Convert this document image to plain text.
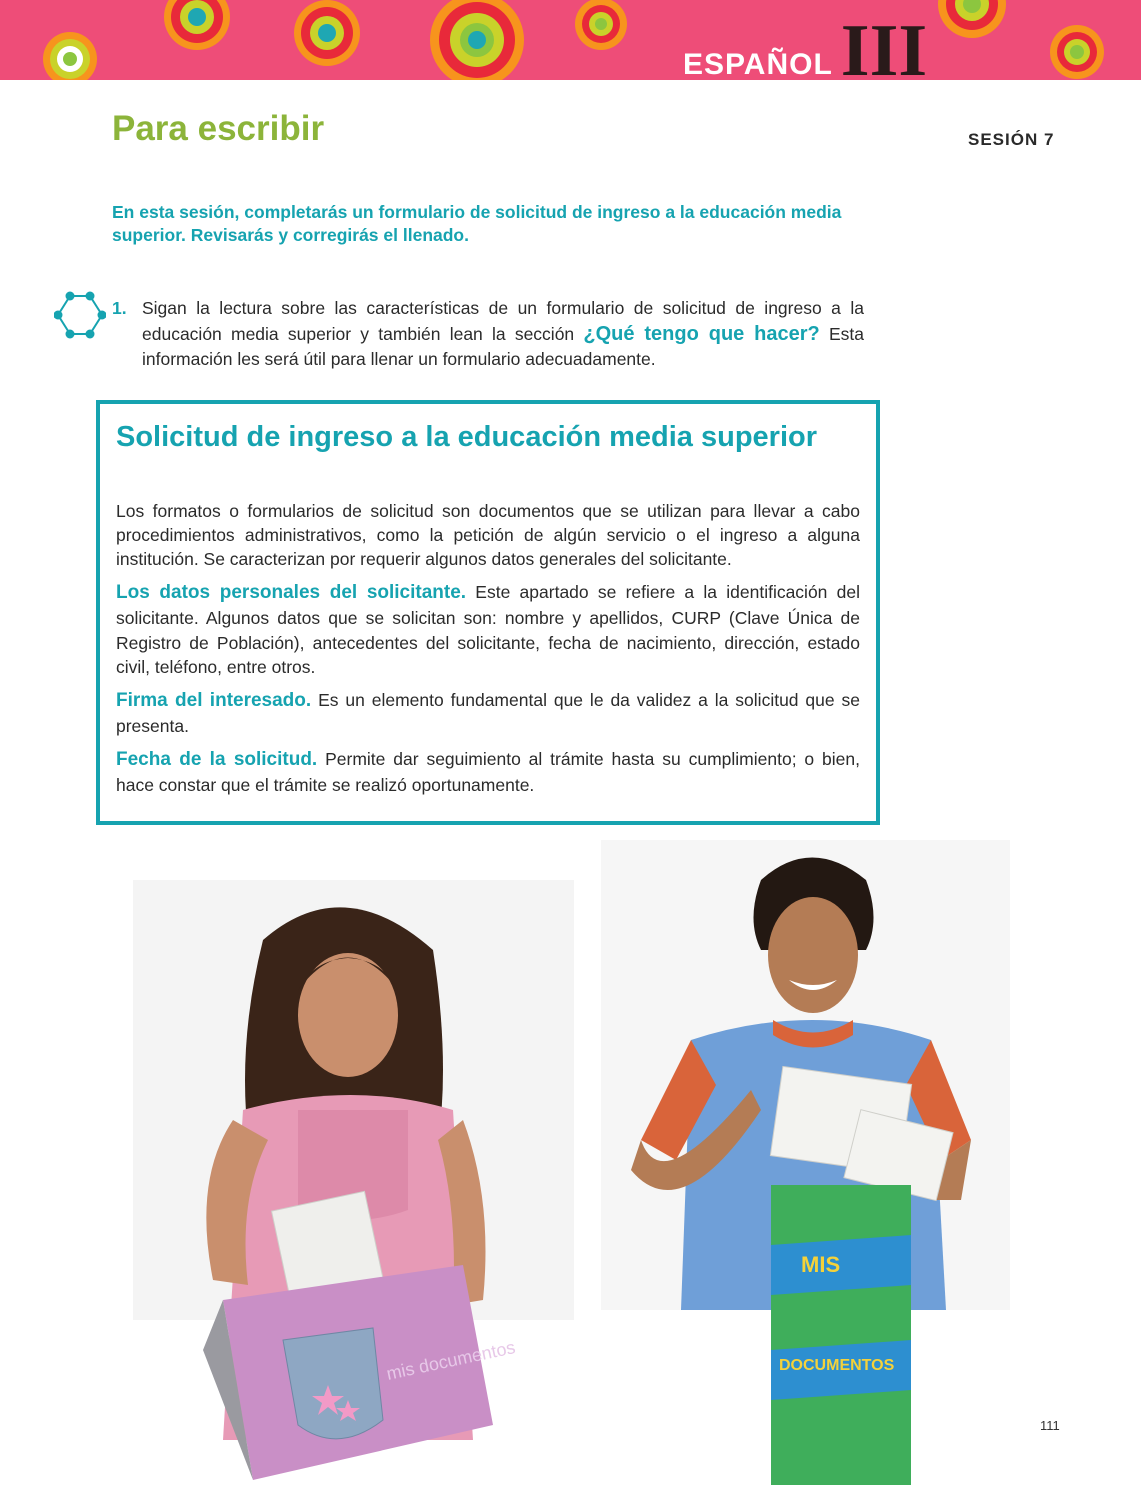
ESPAÑOL III
Para escribir	SESIÓN 7
En esta sesión, completarás un formulario de solicitud de ingreso a la educación media superior. Revisarás y corregirás el llenado.
1. Sigan la lectura sobre las características de un formulario de solicitud de ingreso a la educación media superior y también lean la sección ¿Qué tengo que hacer? Esta información les será útil para llenar un formulario adecuadamente.
Solicitud de ingreso a la educación media superior

Los formatos o formularios de solicitud son documentos que se utilizan para llevar a cabo procedimientos administrativos, como la petición de algún servicio o el ingreso a alguna institución. Se caracterizan por requerir algunos datos generales del solicitante.

Los datos personales del solicitante. Este apartado se refiere a la identificación del solicitante. Algunos datos que se solicitan son: nombre y apellidos, CURP (Clave Única de Registro de Población), antecedentes del solicitante, fecha de nacimiento, dirección, estado civil, teléfono, entre otros.

Firma del interesado. Es un elemento fundamental que le da validez a la solicitud que se presenta.

Fecha de la solicitud. Permite dar seguimiento al trámite hasta su cumplimiento; o bien, hace constar que el trámite se realizó oportunamente.

mis documentos
MIS
DOCUMENTOS
111
